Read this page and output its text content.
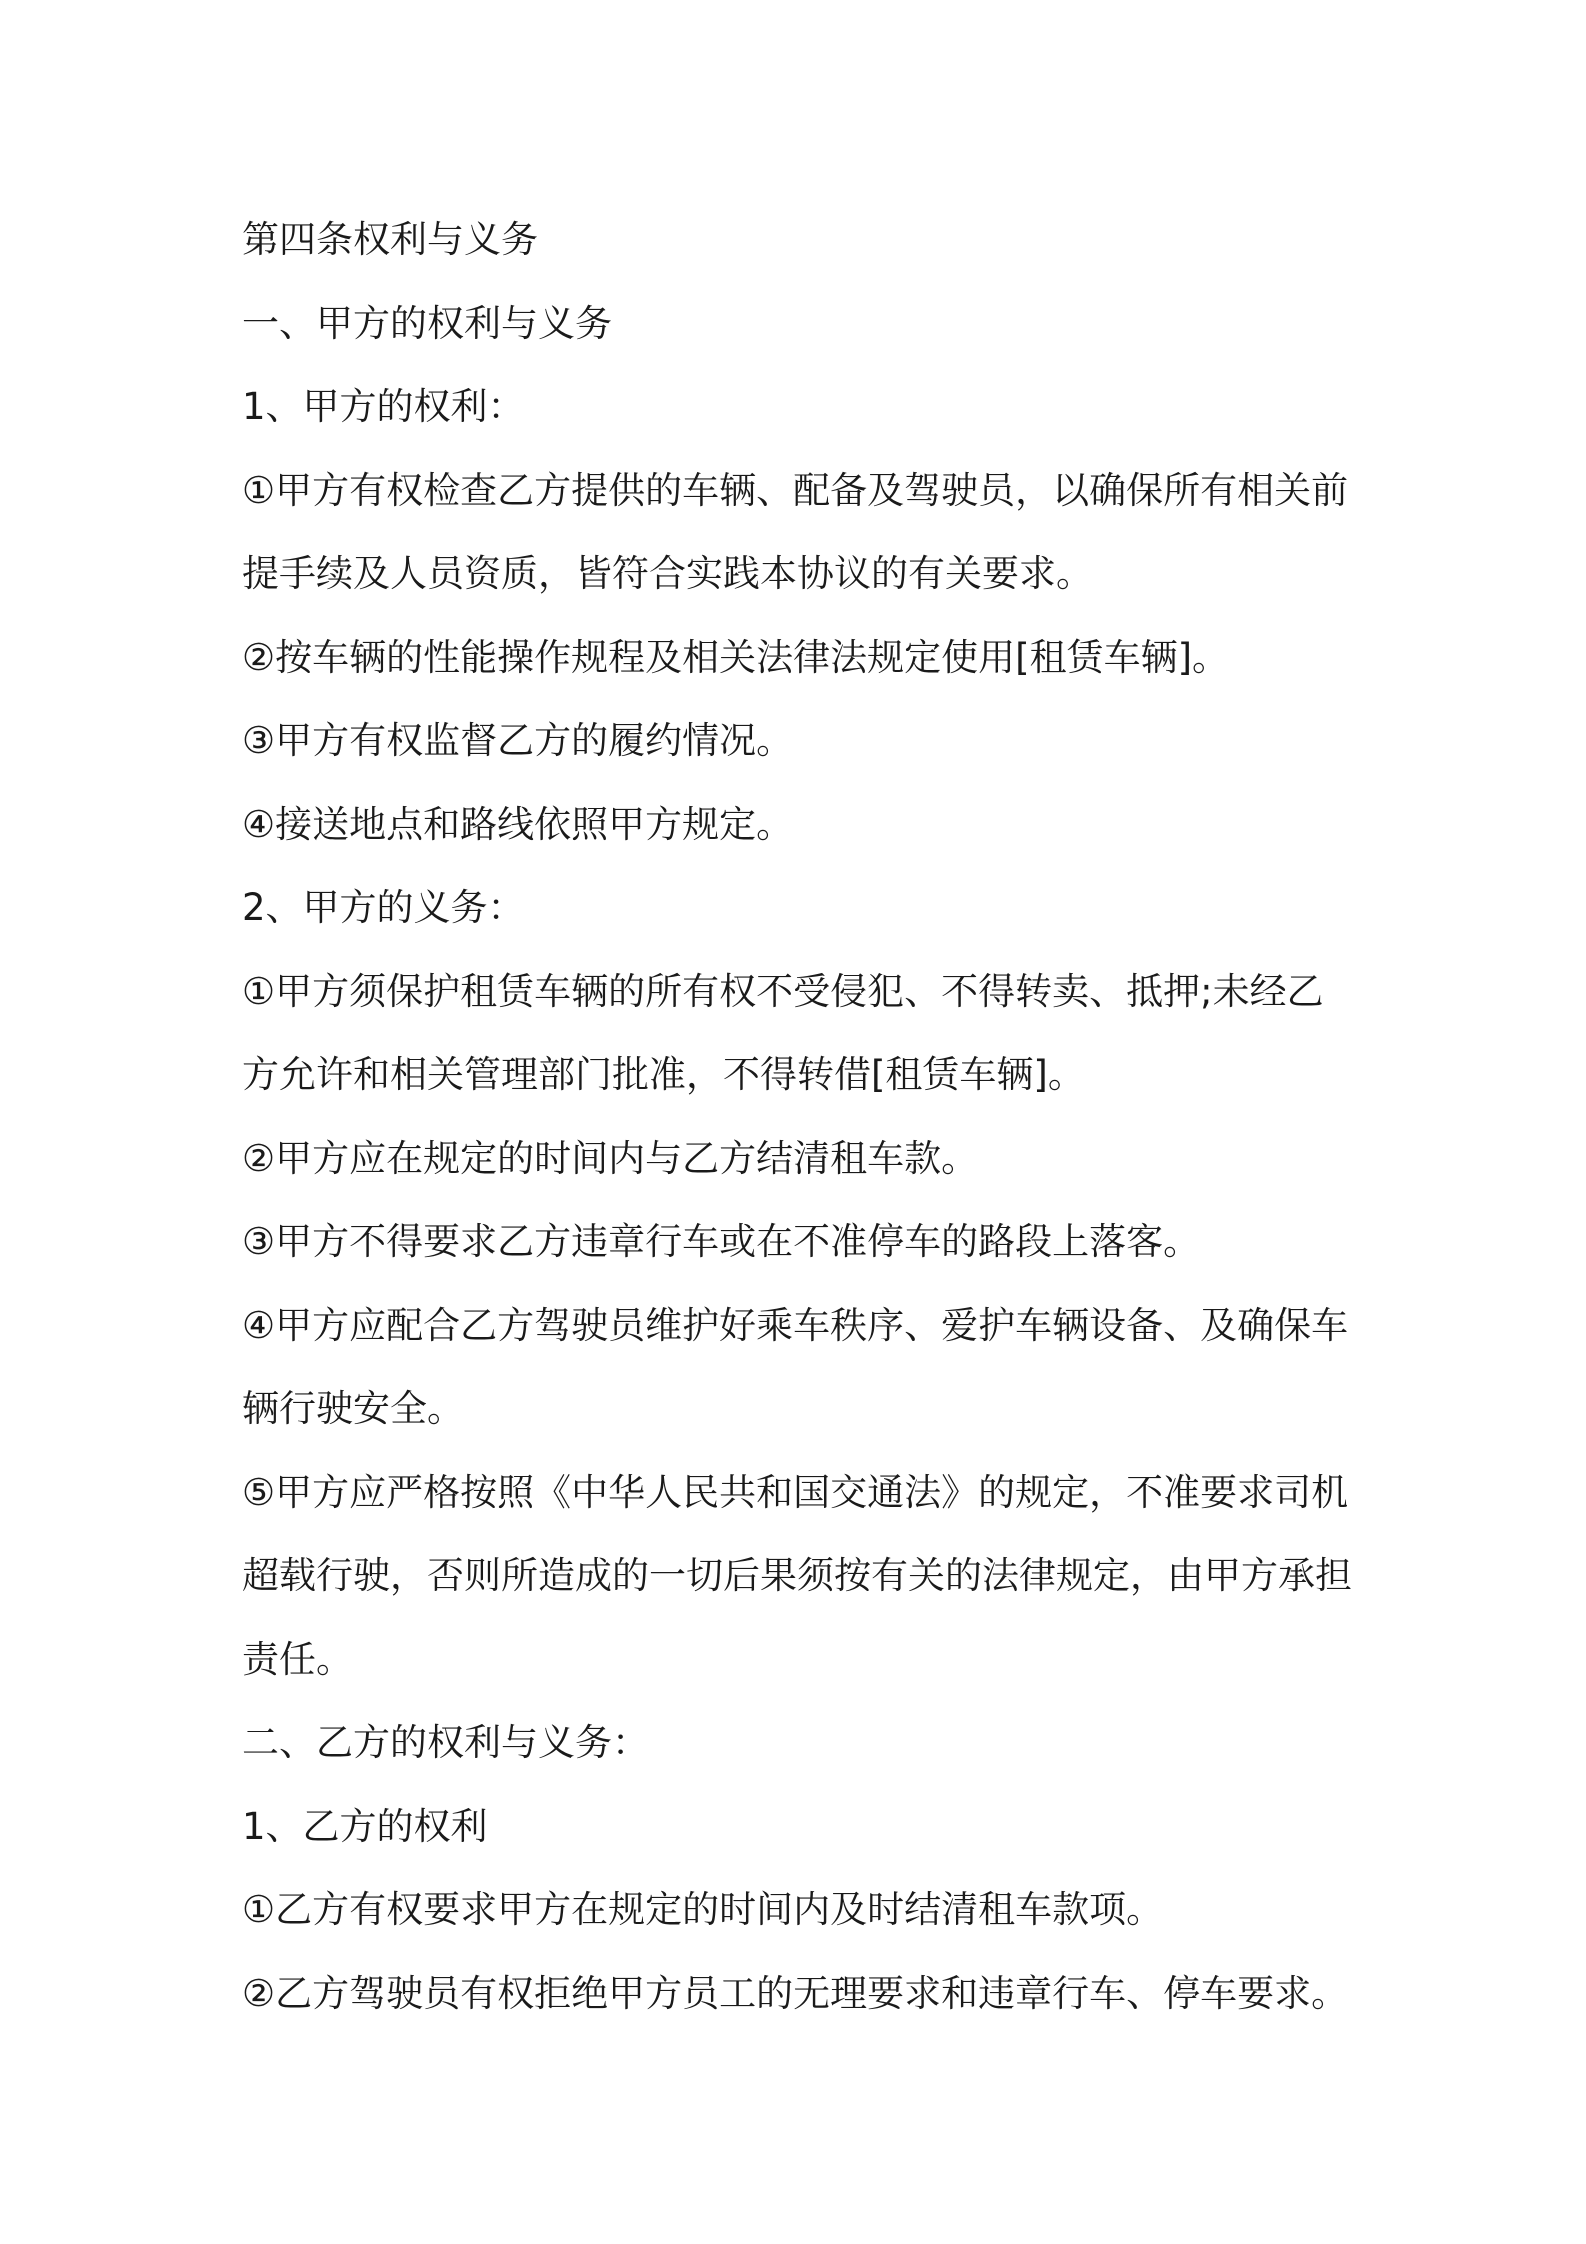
第四条权利与义务

一、甲方的权利与义务

1、甲方的权利：

①甲方有权检查乙方提供的车辆、配备及驾驶员，以确保所有相关前

提手续及人员资质，皆符合实践本协议的有关要求。

②按车辆的性能操作规程及相关法律法规定使用[租赁车辆]。

③甲方有权监督乙方的履约情况。

④接送地点和路线依照甲方规定。

2、甲方的义务：

①甲方须保护租赁车辆的所有权不受侵犯、不得转卖、抵押;未经乙

方允许和相关管理部门批准，不得转借[租赁车辆]。

②甲方应在规定的时间内与乙方结清租车款。

③甲方不得要求乙方违章行车或在不准停车的路段上落客。

④甲方应配合乙方驾驶员维护好乘车秩序、爱护车辆设备、及确保车

辆行驶安全。

⑤甲方应严格按照《中华人民共和国交通法》的规定，不准要求司机

超载行驶，否则所造成的一切后果须按有关的法律规定，由甲方承担

责任。

二、乙方的权利与义务：

1、乙方的权利

①乙方有权要求甲方在规定的时间内及时结清租车款项。

②乙方驾驶员有权拒绝甲方员工的无理要求和违章行车、停车要求。
